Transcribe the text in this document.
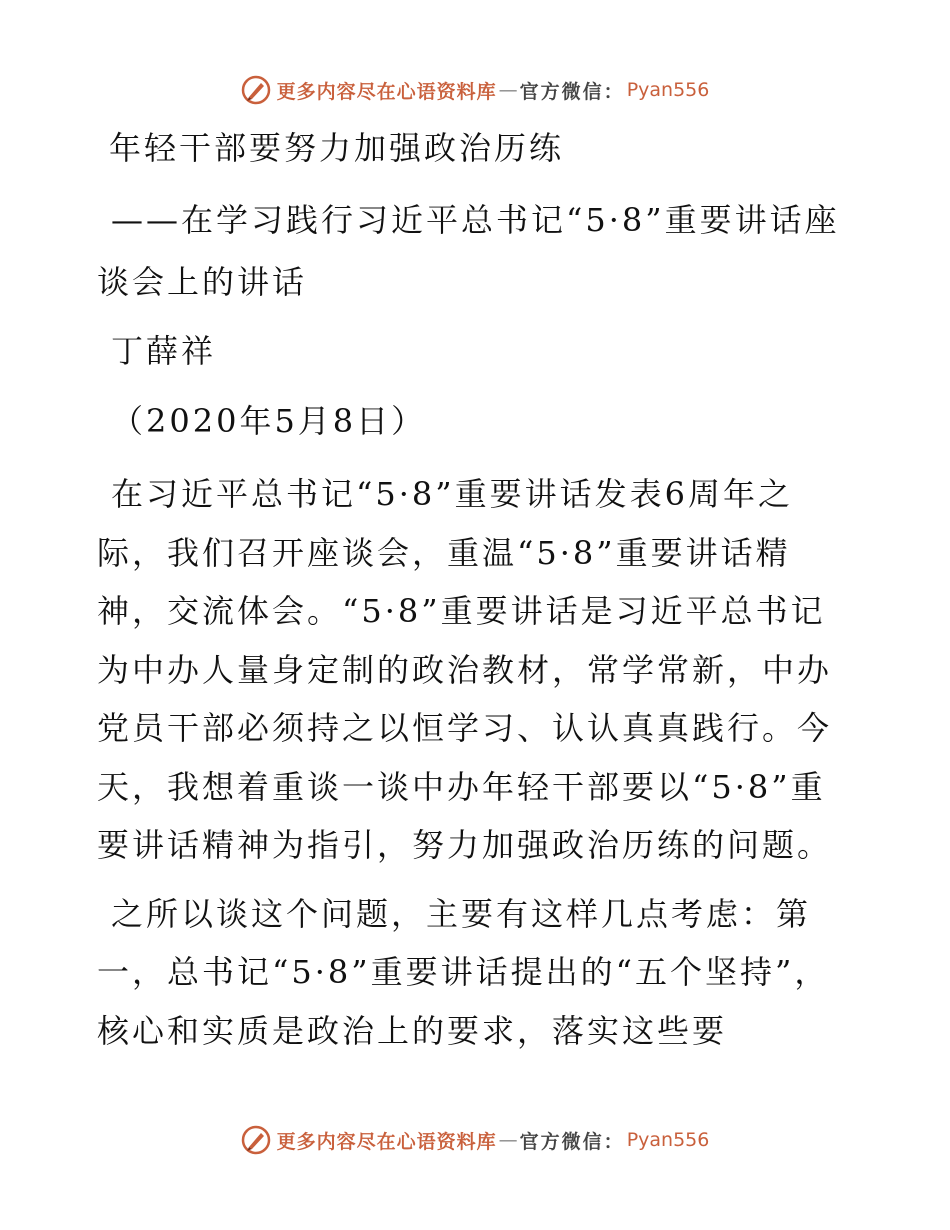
更多内容尽在心语资料库 — 官方微信： Pyan556

年轻干部要努力加强政治历练

——在学习践行习近平总书记“5·8”重要讲话座谈会上的讲话

丁薛祥

（2020年5月8日）

在习近平总书记“5·8”重要讲话发表6周年之际，我们召开座谈会，重温“5·8”重要讲话精神，交流体会。“5·8”重要讲话是习近平总书记为中办人量身定制的政治教材，常学常新，中办党员干部必须持之以恒学习、认认真真践行。今天，我想着重谈一谈中办年轻干部要以“5·8”重要讲话精神为指引，努力加强政治历练的问题。

之所以谈这个问题，主要有这样几点考虑：第一，总书记“5·8”重要讲话提出的“五个坚持”，核心和实质是政治上的要求，落实这些要

更多内容尽在心语资料库 — 官方微信： Pyan556
